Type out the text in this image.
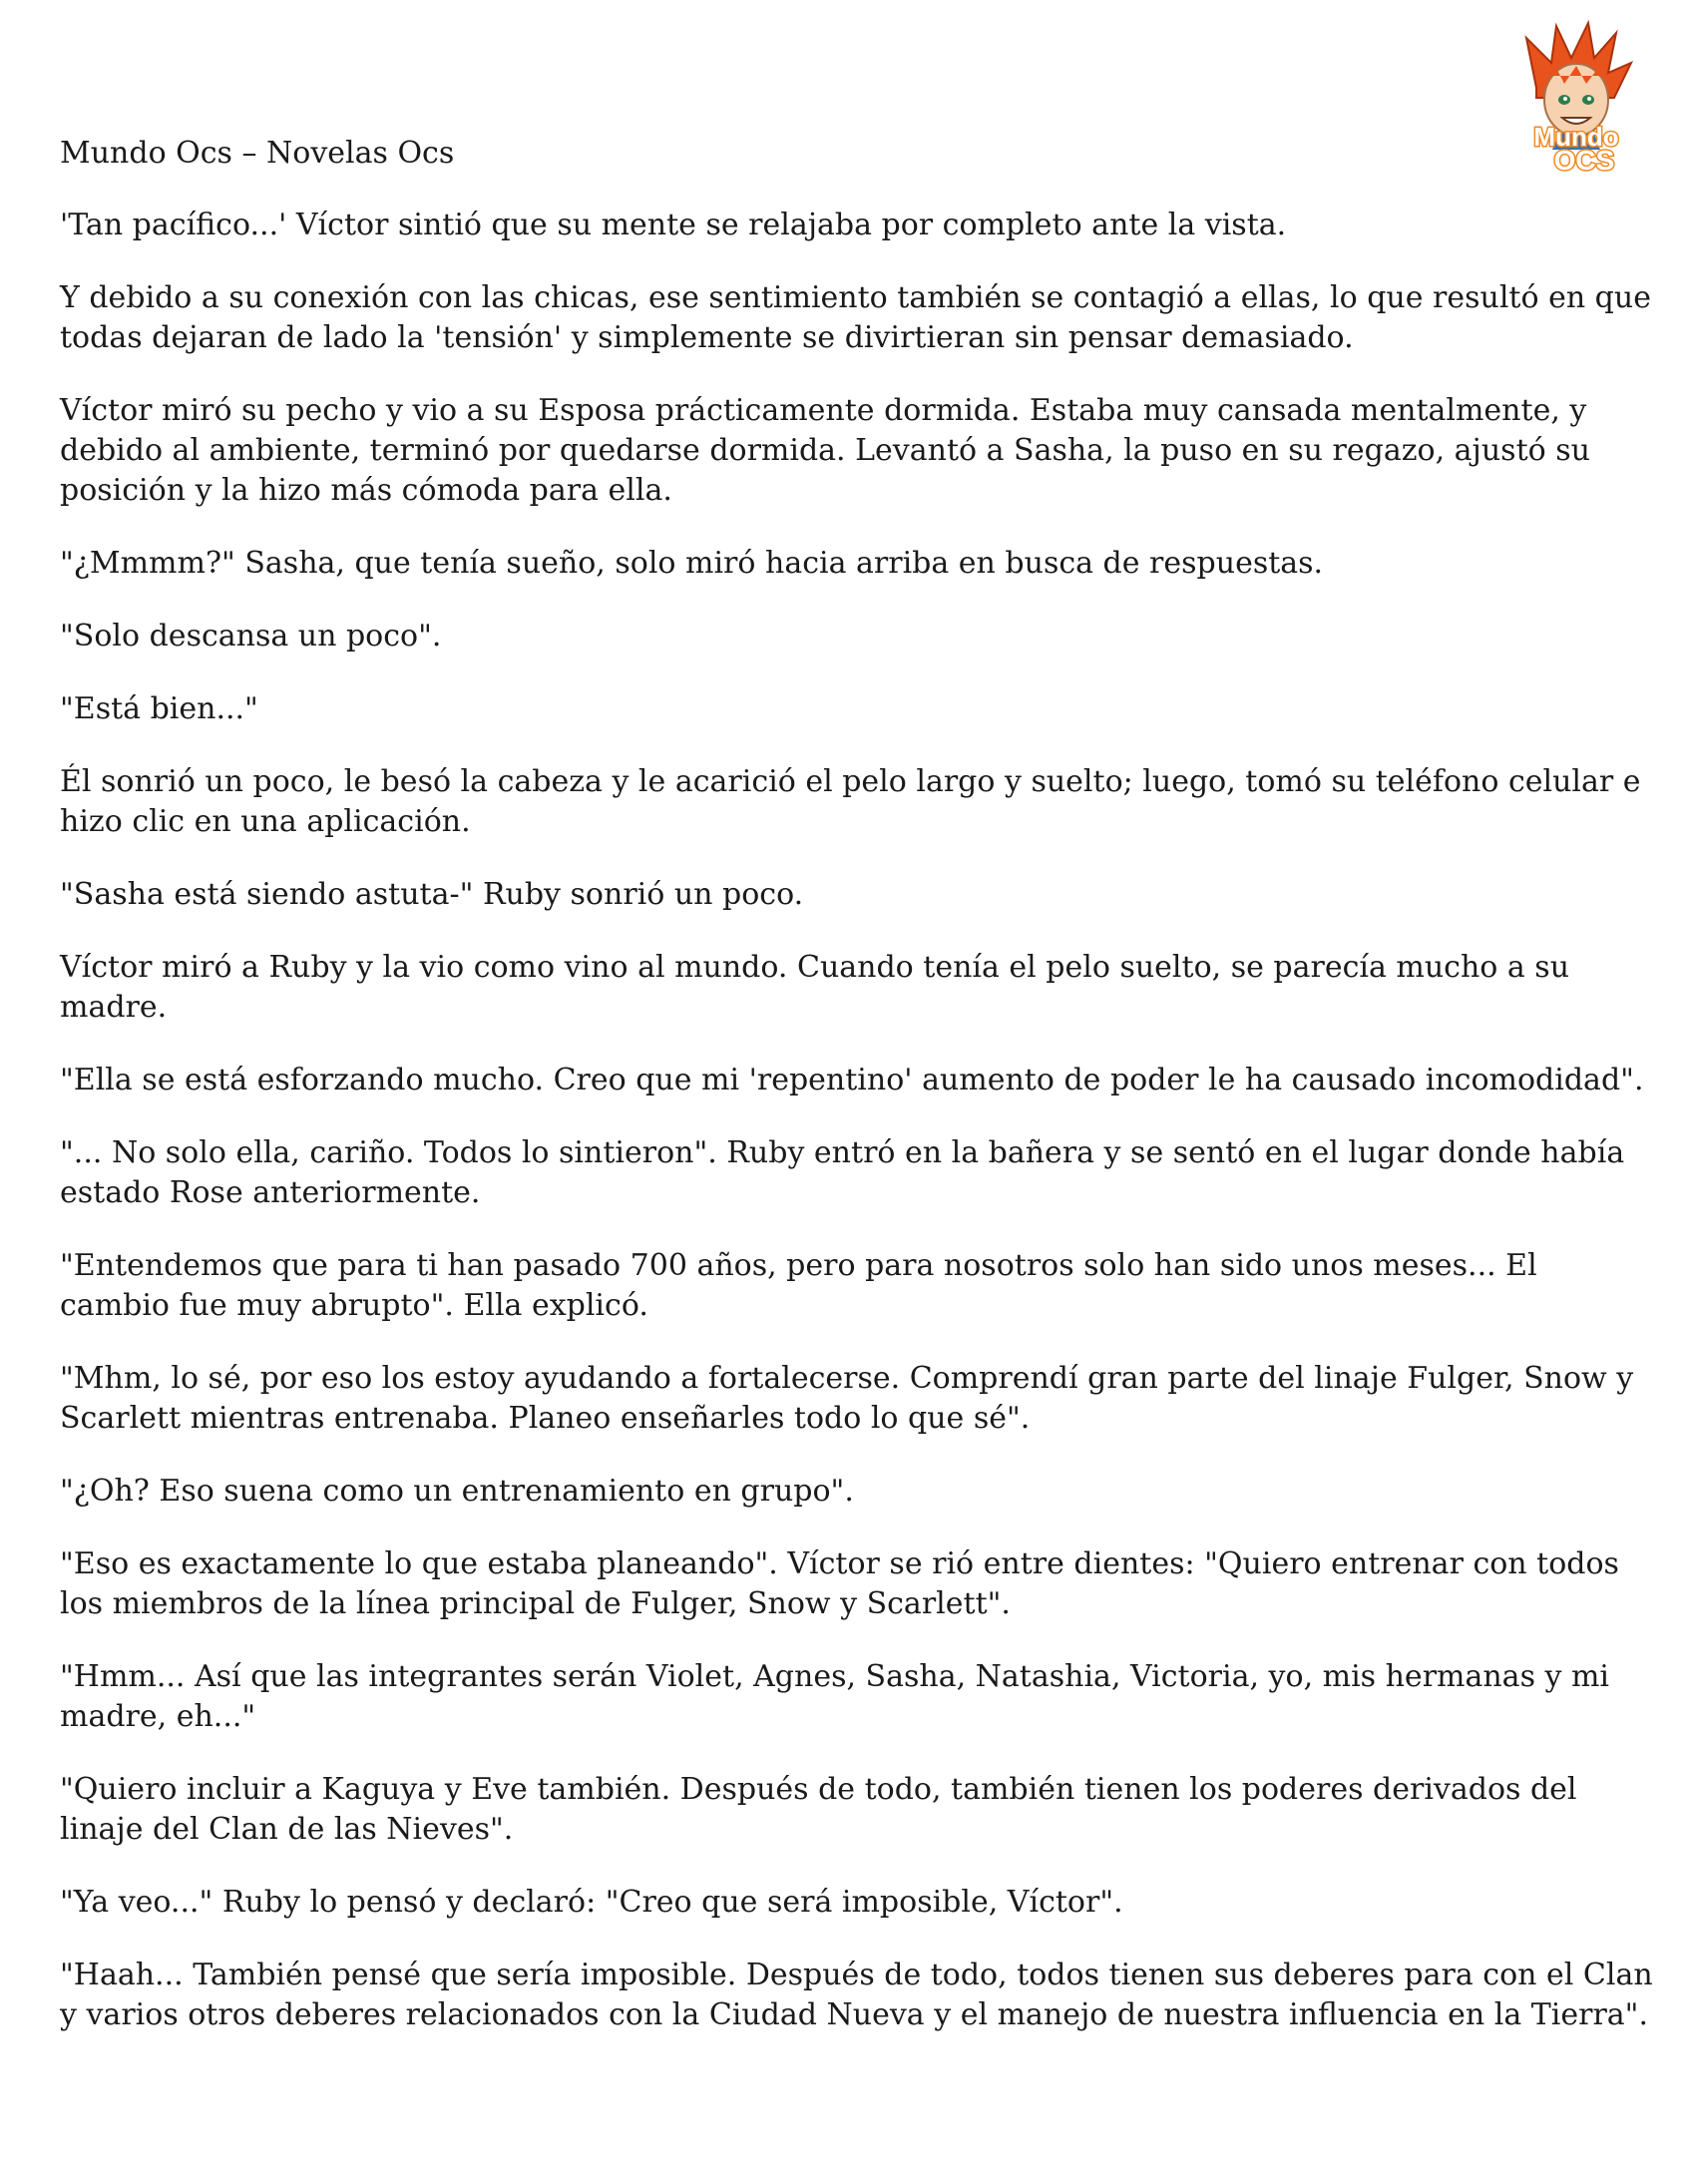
Mundo Ocs – Novelas Ocs	Mundo
OCS

'Tan pacífico...' Víctor sintió que su mente se relajaba por completo ante la vista.

Y debido a su conexión con las chicas, ese sentimiento también se contagió a ellas, lo que resultó en que todas dejaran de lado la 'tensión' y simplemente se divirtieran sin pensar demasiado.

Víctor miró su pecho y vio a su Esposa prácticamente dormida. Estaba muy cansada mentalmente, y debido al ambiente, terminó por quedarse dormida. Levantó a Sasha, la puso en su regazo, ajustó su posición y la hizo más cómoda para ella.

"¿Mmmm?" Sasha, que tenía sueño, solo miró hacia arriba en busca de respuestas.

"Solo descansa un poco".

"Está bien..."

Él sonrió un poco, le besó la cabeza y le acarició el pelo largo y suelto; luego, tomó su teléfono celular e hizo clic en una aplicación.

"Sasha está siendo astuta-" Ruby sonrió un poco.

Víctor miró a Ruby y la vio como vino al mundo. Cuando tenía el pelo suelto, se parecía mucho a su madre.

"Ella se está esforzando mucho. Creo que mi 'repentino' aumento de poder le ha causado incomodidad".

"... No solo ella, cariño. Todos lo sintieron". Ruby entró en la bañera y se sentó en el lugar donde había estado Rose anteriormente.

"Entendemos que para ti han pasado 700 años, pero para nosotros solo han sido unos meses... El cambio fue muy abrupto". Ella explicó.

"Mhm, lo sé, por eso los estoy ayudando a fortalecerse. Comprendí gran parte del linaje Fulger, Snow y Scarlett mientras entrenaba. Planeo enseñarles todo lo que sé".

"¿Oh? Eso suena como un entrenamiento en grupo".

"Eso es exactamente lo que estaba planeando". Víctor se rió entre dientes: "Quiero entrenar con todos los miembros de la línea principal de Fulger, Snow y Scarlett".

"Hmm... Así que las integrantes serán Violet, Agnes, Sasha, Natashia, Victoria, yo, mis hermanas y mi madre, eh..."

"Quiero incluir a Kaguya y Eve también. Después de todo, también tienen los poderes derivados del linaje del Clan de las Nieves".

"Ya veo..." Ruby lo pensó y declaró: "Creo que será imposible, Víctor".

"Haah... También pensé que sería imposible. Después de todo, todos tienen sus deberes para con el Clan y varios otros deberes relacionados con la Ciudad Nueva y el manejo de nuestra influencia en la Tierra".
